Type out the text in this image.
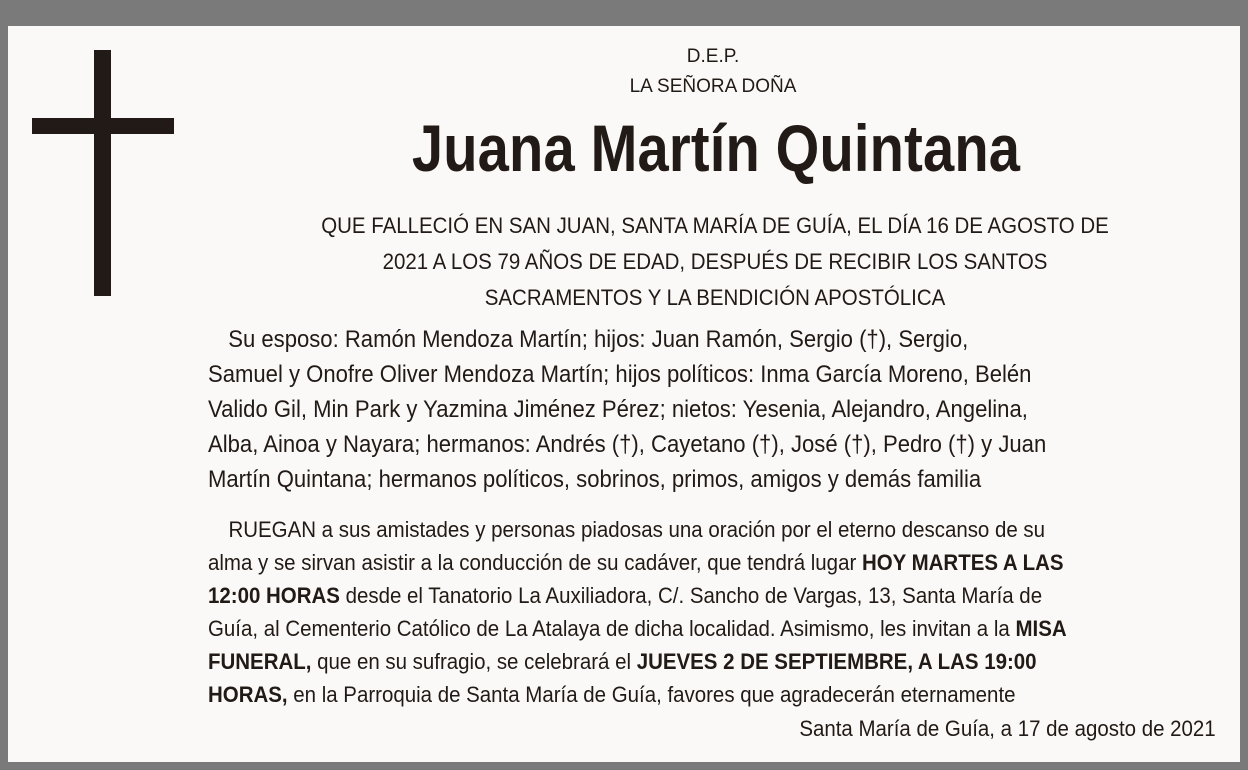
D.E.P.
LA SEÑORA DOÑA
Juana Martín Quintana
QUE FALLECIÓ EN SAN JUAN, SANTA MARÍA DE GUÍA, EL DÍA 16 DE AGOSTO DE
2021 A LOS 79 AÑOS DE EDAD, DESPUÉS DE RECIBIR LOS SANTOS
SACRAMENTOS Y LA BENDICIÓN APOSTÓLICA
Su esposo: Ramón Mendoza Martín; hijos: Juan Ramón, Sergio (†), Sergio,
Samuel y Onofre Oliver Mendoza Martín; hijos políticos: Inma García Moreno, Belén
Valido Gil, Min Park y Yazmina Jiménez Pérez; nietos: Yesenia, Alejandro, Angelina,
Alba, Ainoa y Nayara; hermanos: Andrés (†), Cayetano (†), José (†), Pedro (†) y Juan
Martín Quintana; hermanos políticos, sobrinos, primos, amigos y demás familia
RUEGAN a sus amistades y personas piadosas una oración por el eterno descanso de su
alma y se sirvan asistir a la conducción de su cadáver, que tendrá lugar HOY MARTES A LAS
12:00 HORAS desde el Tanatorio La Auxiliadora, C/. Sancho de Vargas, 13, Santa María de
Guía, al Cementerio Católico de La Atalaya de dicha localidad. Asimismo, les invitan a la MISA
FUNERAL, que en su sufragio, se celebrará el JUEVES 2 DE SEPTIEMBRE, A LAS 19:00
HORAS, en la Parroquia de Santa María de Guía, favores que agradecerán eternamente
Santa María de Guía, a 17 de agosto de 2021
